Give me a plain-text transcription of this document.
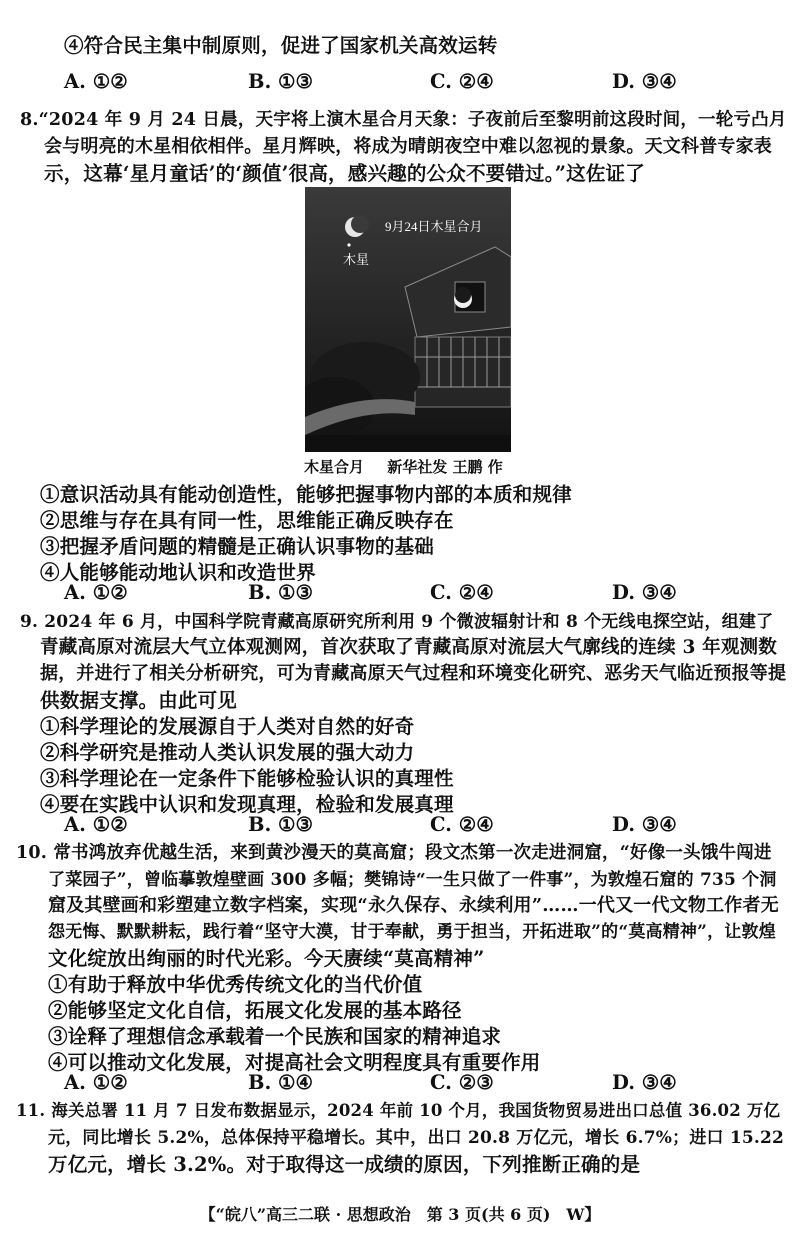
④符合民主集中制原则，促进了国家机关高效运转
A. ①②	B. ①③	C. ②④	D. ③④
8.“2024 年 9 月 24 日晨，天宇将上演木星合月天象：子夜前后至黎明前这段时间，一轮亏凸月
会与明亮的木星相依相伴。星月辉映，将成为晴朗夜空中难以忽视的景象。天文科普专家表
示，这幕‘星月童话’的‘颜值’很高，感兴趣的公众不要错过。”这佐证了
9月24日木星合月
木星
木星合月 新华社发 王鹏 作
①意识活动具有能动创造性，能够把握事物内部的本质和规律
②思维与存在具有同一性，思维能正确反映存在
③把握矛盾问题的精髓是正确认识事物的基础
④人能够能动地认识和改造世界
A. ①②	B. ①③	C. ②④	D. ③④
9. 2024 年 6 月，中国科学院青藏高原研究所利用 9 个微波辐射计和 8 个无线电探空站，组建了
青藏高原对流层大气立体观测网，首次获取了青藏高原对流层大气廓线的连续 3 年观测数
据，并进行了相关分析研究，可为青藏高原天气过程和环境变化研究、恶劣天气临近预报等提
供数据支撑。由此可见
①科学理论的发展源自于人类对自然的好奇
②科学研究是推动人类认识发展的强大动力
③科学理论在一定条件下能够检验认识的真理性
④要在实践中认识和发现真理，检验和发展真理
A. ①②	B. ①③	C. ②④	D. ③④
10. 常书鸿放弃优越生活，来到黄沙漫天的莫高窟；段文杰第一次走进洞窟，“好像一头饿牛闯进
了菜园子”，曾临摹敦煌壁画 300 多幅；樊锦诗“一生只做了一件事”，为敦煌石窟的 735 个洞
窟及其壁画和彩塑建立数字档案，实现“永久保存、永续利用”……一代又一代文物工作者无
怨无悔、默默耕耘，践行着“坚守大漠，甘于奉献，勇于担当，开拓进取”的“莫高精神”，让敦煌
文化绽放出绚丽的时代光彩。今天赓续“莫高精神”
①有助于释放中华优秀传统文化的当代价值
②能够坚定文化自信，拓展文化发展的基本路径
③诠释了理想信念承载着一个民族和国家的精神追求
④可以推动文化发展，对提高社会文明程度具有重要作用
A. ①②	B. ①④	C. ②③	D. ③④
11. 海关总署 11 月 7 日发布数据显示，2024 年前 10 个月，我国货物贸易进出口总值 36.02 万亿
元，同比增长 5.2%，总体保持平稳增长。其中，出口 20.8 万亿元，增长 6.7%；进口 15.22
万亿元，增长 3.2%。对于取得这一成绩的原因，下列推断正确的是
【“皖八”高三二联 · 思想政治　第 3 页(共 6 页)　W】
